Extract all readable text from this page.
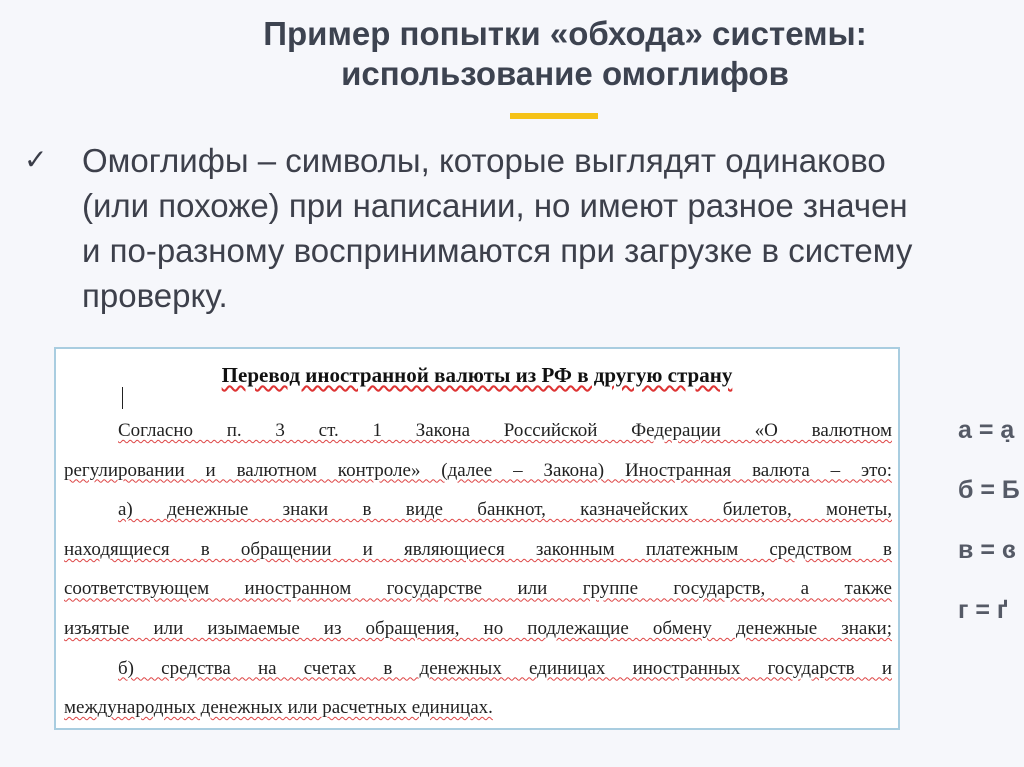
Пример попытки «обхода» системы:
использование омоглифов
✓ Омоглифы – символы, которые выглядят одинаково
(или похоже) при написании, но имеют разное значен
и по-разному воспринимаются при загрузке в систему
проверку.
Перевод иностранной валюты из РФ в другую страну
Согласно п. 3 ст. 1 Закона Российской Федерации «О валютном
регулировании и валютном контроле» (далее – Закона) Иностранная валюта – это:
а) денежные знаки в виде банкнот, казначейских билетов, монеты,
находящиеся в обращении и являющиеся законным платежным средством в
соответствующем иностранном государстве или группе государств, а также
изъятые или изымаемые из обращения, но подлежащие обмену денежные знаки;
б) средства на счетах в денежных единицах иностранных государств и
международных денежных или расчетных единицах.
а = ạ
б = Ƃ
в = ɞ
г = ґ
